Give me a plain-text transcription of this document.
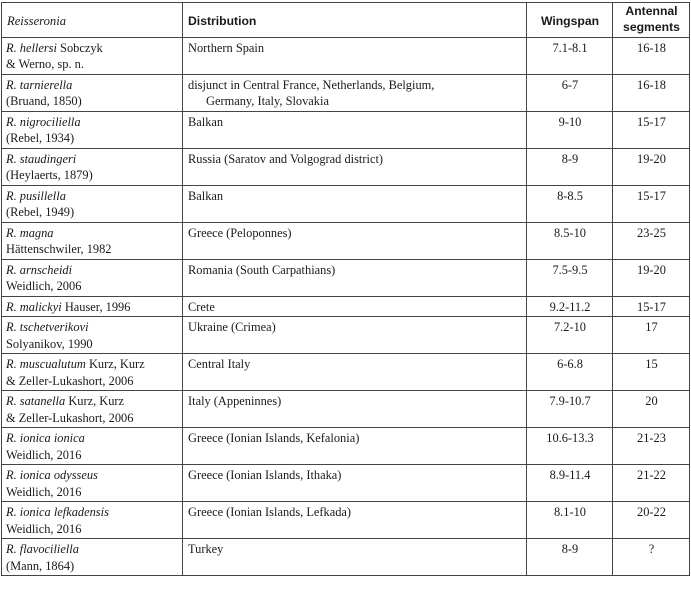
Reisseronia	Distribution	Wingspan	Antennal
segments
R. hellersi Sobczyk
& Werno, sp. n.	Northern Spain	7.1-8.1	16-18
R. tarnierella
(Bruand, 1850)	disjunct in Central France, Netherlands, Belgium,
Germany, Italy, Slovakia	6-7	16-18
R. nigrociliella
(Rebel, 1934)	Balkan	9-10	15-17
R. staudingeri
(Heylaerts, 1879)	Russia (Saratov and Volgograd district)	8-9	19-20
R. pusillella
(Rebel, 1949)	Balkan	8-8.5	15-17
R. magna
Hättenschwiler, 1982	Greece (Peloponnes)	8.5-10	23-25
R. arnscheidi
Weidlich, 2006	Romania (South Carpathians)	7.5-9.5	19-20
R. malickyi Hauser, 1996	Crete	9.2-11.2	15-17
R. tschetverikovi
Solyanikov, 1990	Ukraine (Crimea)	7.2-10	17
R. muscualutum Kurz, Kurz
& Zeller-Lukashort, 2006	Central Italy	6-6.8	15
R. satanella Kurz, Kurz
& Zeller-Lukashort, 2006	Italy (Appeninnes)	7.9-10.7	20
R. ionica ionica
Weidlich, 2016	Greece (Ionian Islands, Kefalonia)	10.6-13.3	21-23
R. ionica odysseus
Weidlich, 2016	Greece (Ionian Islands, Ithaka)	8.9-11.4	21-22
R. ionica lefkadensis
Weidlich, 2016	Greece (Ionian Islands, Lefkada)	8.1-10	20-22
R. flavociliella
(Mann, 1864)	Turkey	8-9	?
